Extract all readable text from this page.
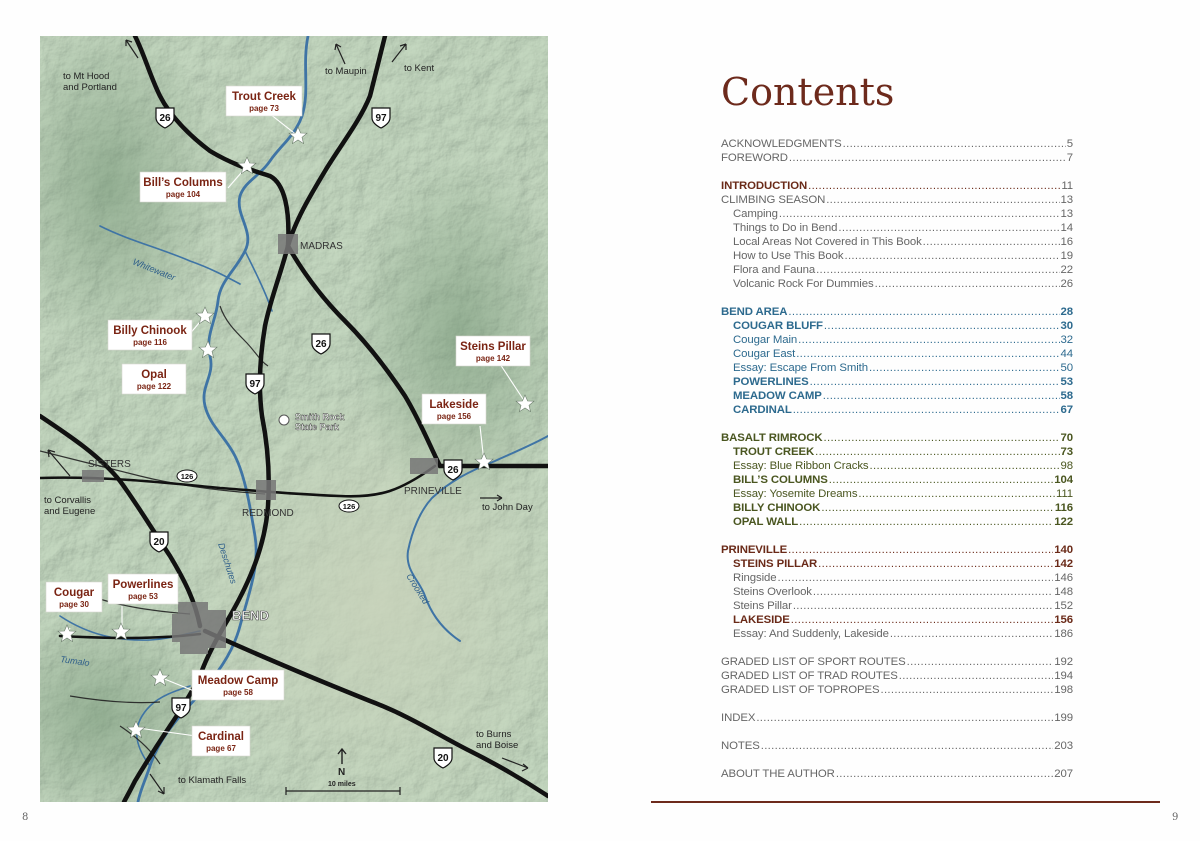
26	97
26
97
26
20
20
97
126
126
MADRAS
SISTERS
REDMOND
PRINEVILLE
BEND
Smith Rock
State Park
Whitewater
Deschutes
Crooked
Tumalo
to Mt Hood
and Portland
to Maupin	to Kent
to Corvallis
and Eugene	to John Day
to Burns
and Boise
to Klamath Falls
N
10 miles
Trout Creek
page 73
Bill’s Columns
page 104
Billy Chinook
page 116
Opal
page 122
Steins Pillar
page 142
Lakeside
page 156
Cougar
page 30
Powerlines
page 53
Meadow Camp
page 58
Cardinal
page 67
8
Contents
ACKNOWLEDGMENTS .....	5
FOREWORD .....	7
INTRODUCTION .....	11
CLIMBING SEASON .....	13
Camping .....	13
Things to Do in Bend .....	14
Local Areas Not Covered in This Book .....	16
How to Use This Book .....	19
Flora and Fauna .....	22
Volcanic Rock For Dummies .....	26
BEND AREA .....	28
COUGAR BLUFF .....	30
Cougar Main .....	32
Cougar East .....	44
Essay: Escape From Smith .....	50
POWERLINES .....	53
MEADOW CAMP .....	58
CARDINAL .....	67
BASALT RIMROCK .....	70
TROUT CREEK .....	73
Essay: Blue Ribbon Cracks .....	98
BILL’S COLUMNS .....	104
Essay: Yosemite Dreams .....	111
BILLY CHINOOK .....	116
OPAL WALL .....	122
PRINEVILLE .....	140
STEINS PILLAR .....	142
Ringside .....	146
Steins Overlook .....	148
Steins Pillar .....	152
LAKESIDE .....	156
Essay: And Suddenly, Lakeside .....	186
GRADED LIST OF SPORT ROUTES .....	192
GRADED LIST OF TRAD ROUTES .....	194
GRADED LIST OF TOPROPES .....	198
INDEX .....	199
NOTES .....	203
ABOUT THE AUTHOR .....	207
9
